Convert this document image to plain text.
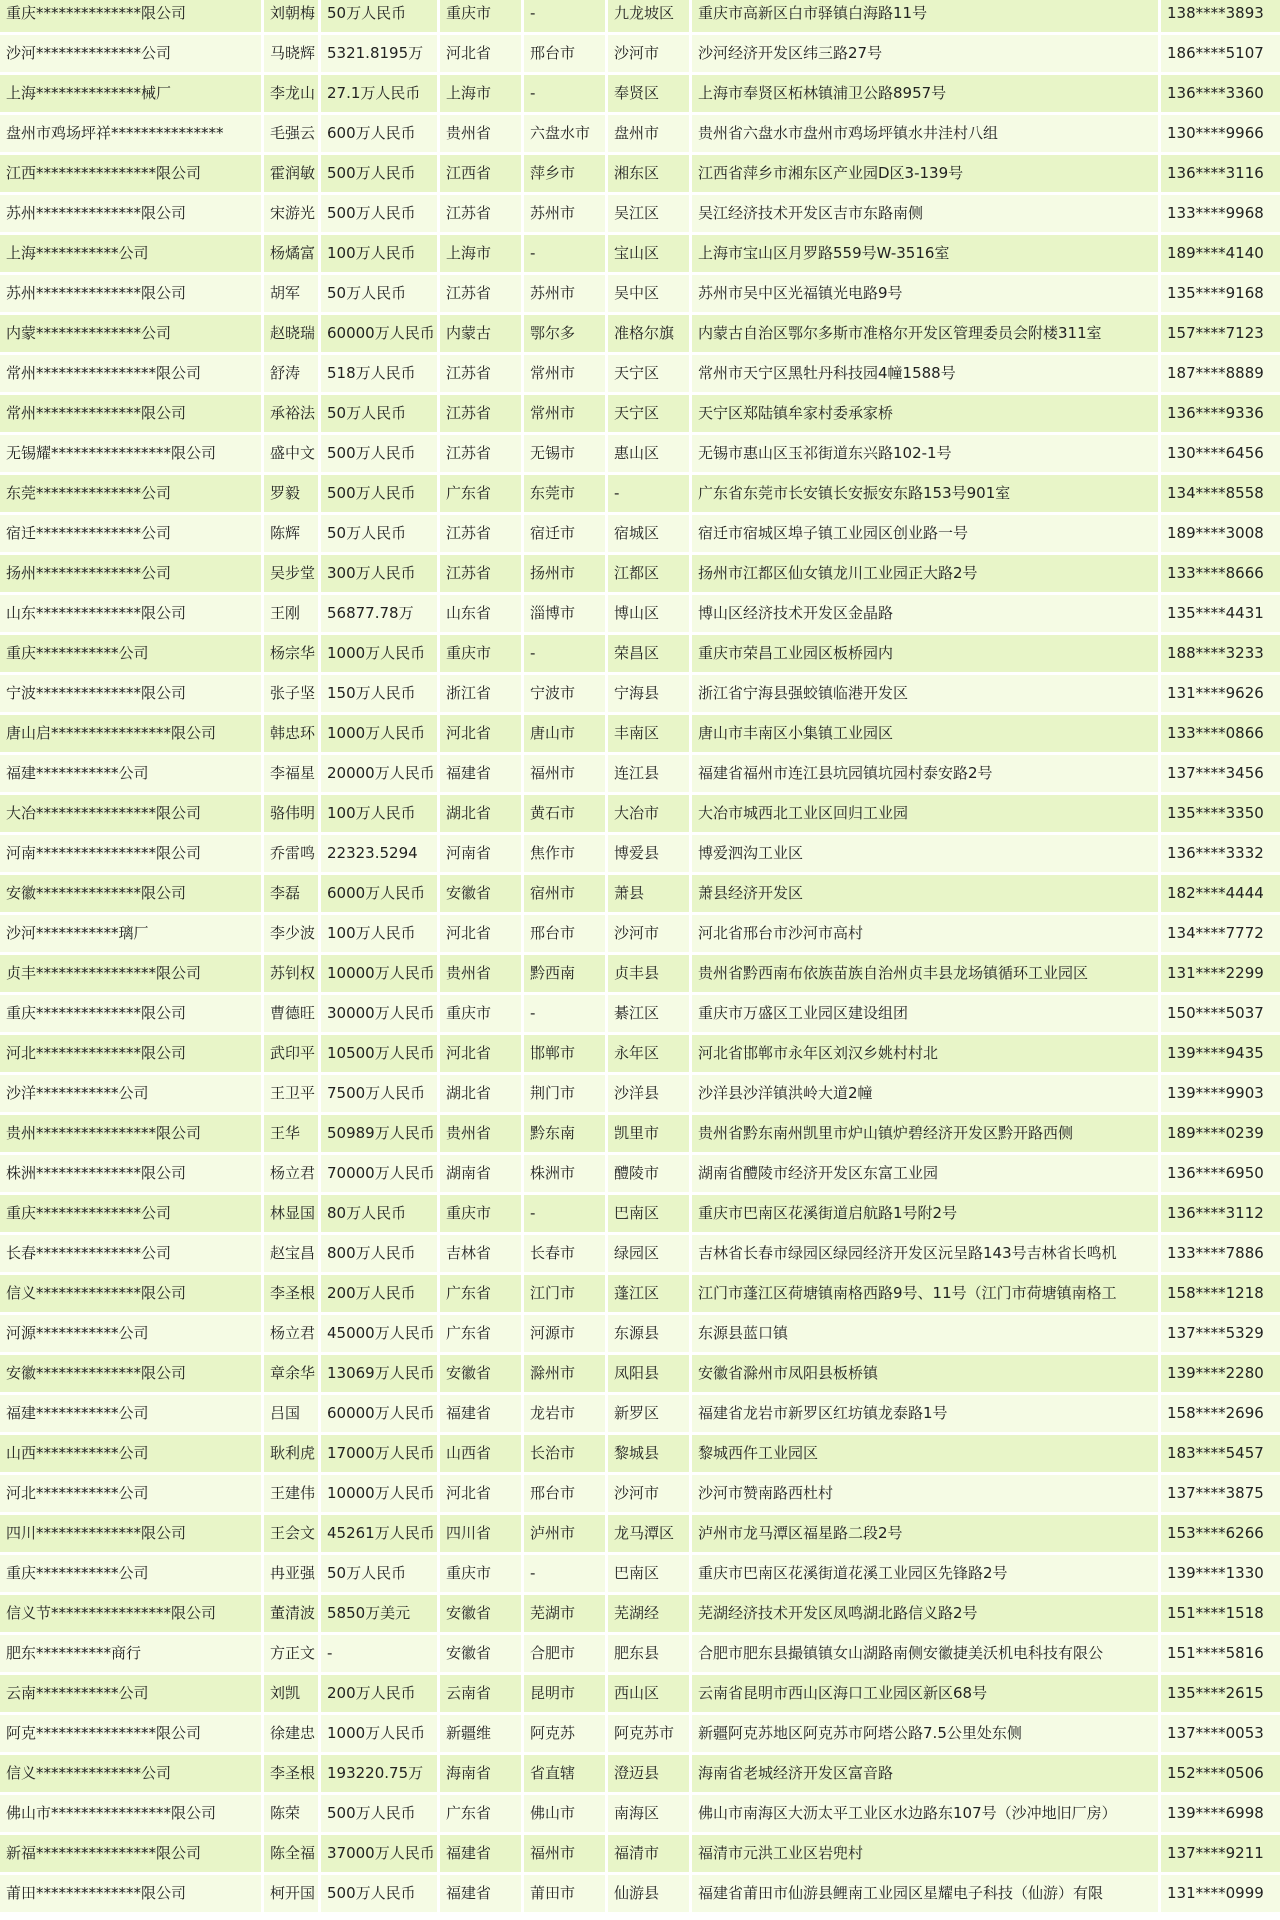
重庆**************限公司	刘朝梅	50万人民币	重庆市	-	九龙坡区	重庆市高新区白市驿镇白海路11号	138****3893
沙河**************公司	马晓辉	5321.8195万	河北省	邢台市	沙河市	沙河经济开发区纬三路27号	186****5107
上海**************械厂	李龙山	27.1万人民币	上海市	-	奉贤区	上海市奉贤区柘林镇浦卫公路8957号	136****3360
盘州市鸡场坪祥***************	毛强云	600万人民币	贵州省	六盘水市	盘州市	贵州省六盘水市盘州市鸡场坪镇水井洼村八组	130****9966
江西****************限公司	霍润敏	500万人民币	江西省	萍乡市	湘东区	江西省萍乡市湘东区产业园D区3-139号	136****3116
苏州**************限公司	宋游光	500万人民币	江苏省	苏州市	吴江区	吴江经济技术开发区吉市东路南侧	133****9968
上海***********公司	杨燏富	100万人民币	上海市	-	宝山区	上海市宝山区月罗路559号W-3516室	189****4140
苏州**************限公司	胡军	50万人民币	江苏省	苏州市	吴中区	苏州市吴中区光福镇光电路9号	135****9168
内蒙**************公司	赵晓瑞	60000万人民币	内蒙古	鄂尔多	准格尔旗	内蒙古自治区鄂尔多斯市准格尔开发区管理委员会附楼311室	157****7123
常州****************限公司	舒涛	518万人民币	江苏省	常州市	天宁区	常州市天宁区黑牡丹科技园4幢1588号	187****8889
常州**************限公司	承裕法	50万人民币	江苏省	常州市	天宁区	天宁区郑陆镇牟家村委承家桥	136****9336
无锡耀****************限公司	盛中文	500万人民币	江苏省	无锡市	惠山区	无锡市惠山区玉祁街道东兴路102-1号	130****6456
东莞**************公司	罗毅	500万人民币	广东省	东莞市	-	广东省东莞市长安镇长安振安东路153号901室	134****8558
宿迁**************公司	陈辉	50万人民币	江苏省	宿迁市	宿城区	宿迁市宿城区埠子镇工业园区创业路一号	189****3008
扬州**************公司	吴步堂	300万人民币	江苏省	扬州市	江都区	扬州市江都区仙女镇龙川工业园正大路2号	133****8666
山东**************限公司	王刚	56877.78万	山东省	淄博市	博山区	博山区经济技术开发区金晶路	135****4431
重庆***********公司	杨宗华	1000万人民币	重庆市	-	荣昌区	重庆市荣昌工业园区板桥园内	188****3233
宁波**************限公司	张子坚	150万人民币	浙江省	宁波市	宁海县	浙江省宁海县强蛟镇临港开发区	131****9626
唐山启****************限公司	韩忠环	1000万人民币	河北省	唐山市	丰南区	唐山市丰南区小集镇工业园区	133****0866
福建***********公司	李福星	20000万人民币	福建省	福州市	连江县	福建省福州市连江县坑园镇坑园村泰安路2号	137****3456
大冶****************限公司	骆伟明	100万人民币	湖北省	黄石市	大冶市	大冶市城西北工业区回归工业园	135****3350
河南****************限公司	乔雷鸣	22323.5294	河南省	焦作市	博爱县	博爱泗沟工业区	136****3332
安徽**************限公司	李磊	6000万人民币	安徽省	宿州市	萧县	萧县经济开发区	182****4444
沙河***********璃厂	李少波	100万人民币	河北省	邢台市	沙河市	河北省邢台市沙河市高村	134****7772
贞丰****************限公司	苏钊权	10000万人民币	贵州省	黔西南	贞丰县	贵州省黔西南布依族苗族自治州贞丰县龙场镇循环工业园区	131****2299
重庆**************限公司	曹德旺	30000万人民币	重庆市	-	綦江区	重庆市万盛区工业园区建设组团	150****5037
河北**************限公司	武印平	10500万人民币	河北省	邯郸市	永年区	河北省邯郸市永年区刘汉乡姚村村北	139****9435
沙洋***********公司	王卫平	7500万人民币	湖北省	荆门市	沙洋县	沙洋县沙洋镇洪岭大道2幢	139****9903
贵州****************限公司	王华	50989万人民币	贵州省	黔东南	凯里市	贵州省黔东南州凯里市炉山镇炉碧经济开发区黔开路西侧	189****0239
株洲**************限公司	杨立君	70000万人民币	湖南省	株洲市	醴陵市	湖南省醴陵市经济开发区东富工业园	136****6950
重庆**************公司	林显国	80万人民币	重庆市	-	巴南区	重庆市巴南区花溪街道启航路1号附2号	136****3112
长春**************公司	赵宝昌	800万人民币	吉林省	长春市	绿园区	吉林省长春市绿园区绿园经济开发区沅呈路143号吉林省长鸣机	133****7886
信义**************限公司	李圣根	200万人民币	广东省	江门市	蓬江区	江门市蓬江区荷塘镇南格西路9号、11号（江门市荷塘镇南格工	158****1218
河源***********公司	杨立君	45000万人民币	广东省	河源市	东源县	东源县蓝口镇	137****5329
安徽**************限公司	章余华	13069万人民币	安徽省	滁州市	凤阳县	安徽省滁州市凤阳县板桥镇	139****2280
福建***********公司	吕国	60000万人民币	福建省	龙岩市	新罗区	福建省龙岩市新罗区红坊镇龙泰路1号	158****2696
山西***********公司	耿利虎	17000万人民币	山西省	长治市	黎城县	黎城西仵工业园区	183****5457
河北***********公司	王建伟	10000万人民币	河北省	邢台市	沙河市	沙河市赞南路西杜村	137****3875
四川**************限公司	王会文	45261万人民币	四川省	泸州市	龙马潭区	泸州市龙马潭区福星路二段2号	153****6266
重庆***********公司	冉亚强	50万人民币	重庆市	-	巴南区	重庆市巴南区花溪街道花溪工业园区先锋路2号	139****1330
信义节****************限公司	董清波	5850万美元	安徽省	芜湖市	芜湖经	芜湖经济技术开发区凤鸣湖北路信义路2号	151****1518
肥东**********商行	方正文	-	安徽省	合肥市	肥东县	合肥市肥东县撮镇镇女山湖路南侧安徽捷美沃机电科技有限公	151****5816
云南***********公司	刘凯	200万人民币	云南省	昆明市	西山区	云南省昆明市西山区海口工业园区新区68号	135****2615
阿克****************限公司	徐建忠	1000万人民币	新疆维	阿克苏	阿克苏市	新疆阿克苏地区阿克苏市阿塔公路7.5公里处东侧	137****0053
信义**************公司	李圣根	193220.75万	海南省	省直辖	澄迈县	海南省老城经济开发区富音路	152****0506
佛山市****************限公司	陈荣	500万人民币	广东省	佛山市	南海区	佛山市南海区大沥太平工业区水边路东107号（沙冲地旧厂房）	139****6998
新福****************限公司	陈全福	37000万人民币	福建省	福州市	福清市	福清市元洪工业区岩兜村	137****9211
莆田**************限公司	柯开国	500万人民币	福建省	莆田市	仙游县	福建省莆田市仙游县鲤南工业园区星耀电子科技（仙游）有限	131****0999
